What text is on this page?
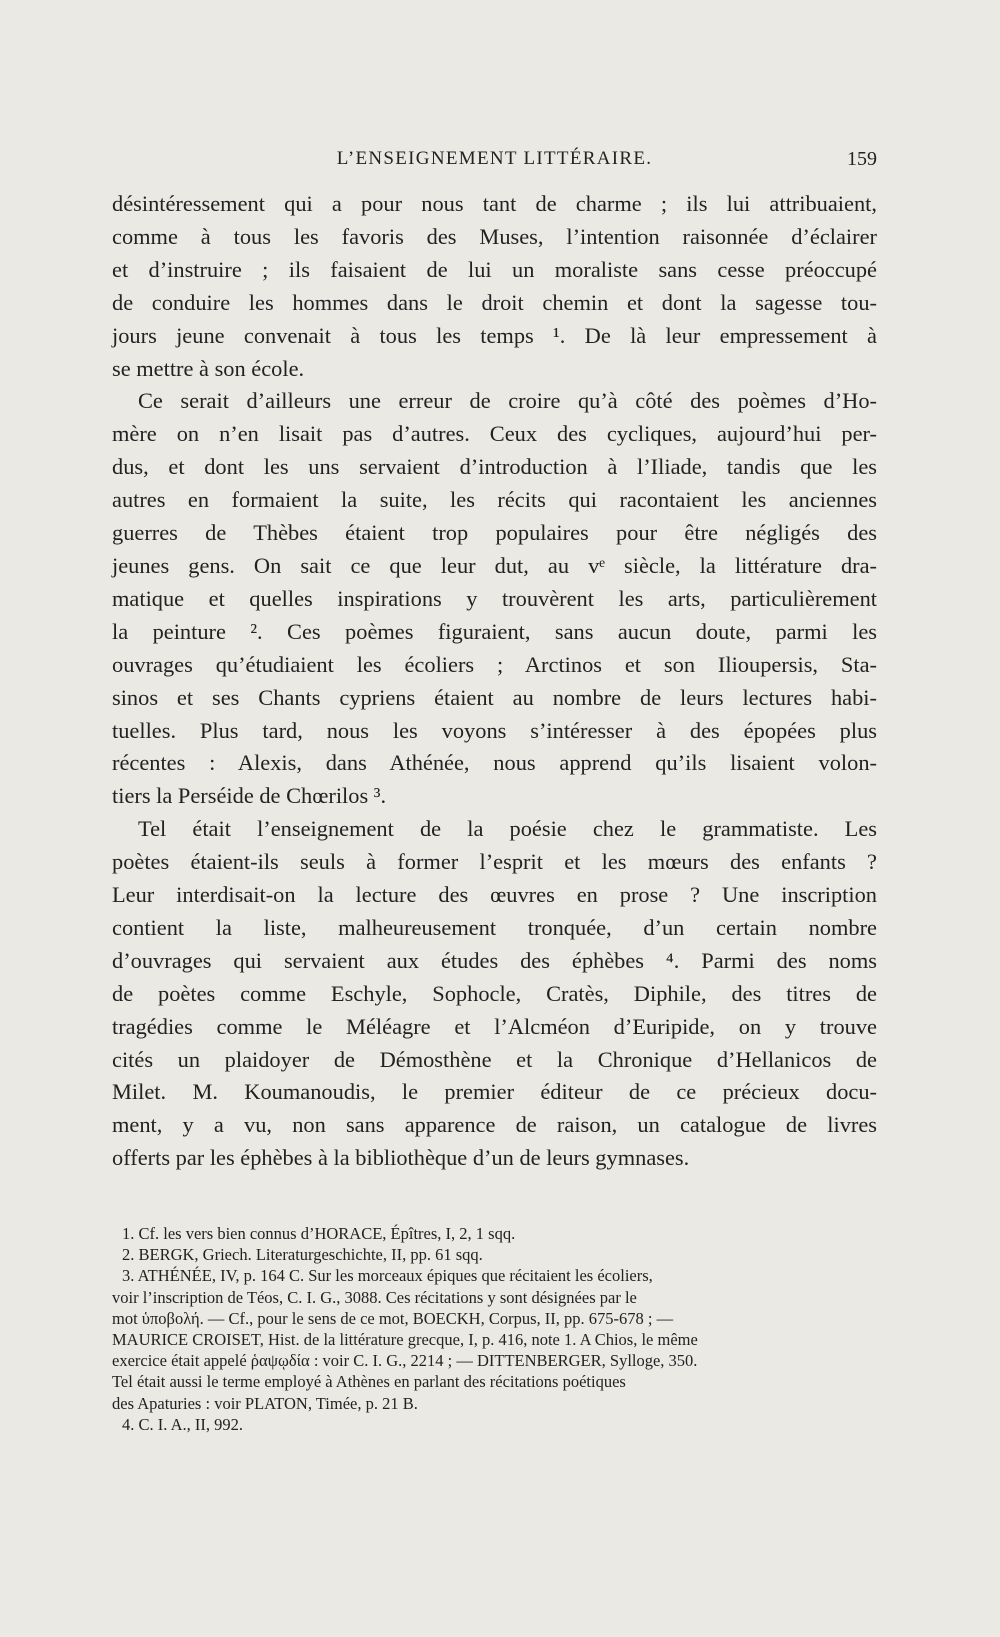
L’ENSEIGNEMENT LITTÉRAIRE.	159

désintéressement qui a pour nous tant de charme ; ils lui attribuaient,

comme à tous les favoris des Muses, l’intention raisonnée d’éclairer

et d’instruire ; ils faisaient de lui un moraliste sans cesse préoccupé

de conduire les hommes dans le droit chemin et dont la sagesse tou-

jours jeune convenait à tous les temps ¹. De là leur empressement à

se mettre à son école.

Ce serait d’ailleurs une erreur de croire qu’à côté des poèmes d’Ho-

mère on n’en lisait pas d’autres. Ceux des cycliques, aujourd’hui per-

dus, et dont les uns servaient d’introduction à l’Iliade, tandis que les

autres en formaient la suite, les récits qui racontaient les anciennes

guerres de Thèbes étaient trop populaires pour être négligés des

jeunes gens. On sait ce que leur dut, au vᵉ siècle, la littérature dra-

matique et quelles inspirations y trouvèrent les arts, particulièrement

la peinture ². Ces poèmes figuraient, sans aucun doute, parmi les

ouvrages qu’étudiaient les écoliers ; Arctinos et son Ilioupersis, Sta-

sinos et ses Chants cypriens étaient au nombre de leurs lectures habi-

tuelles. Plus tard, nous les voyons s’intéresser à des épopées plus

récentes : Alexis, dans Athénée, nous apprend qu’ils lisaient volon-

tiers la Perséide de Chœrilos ³.

Tel était l’enseignement de la poésie chez le grammatiste. Les

poètes étaient-ils seuls à former l’esprit et les mœurs des enfants ?

Leur interdisait-on la lecture des œuvres en prose ? Une inscription

contient la liste, malheureusement tronquée, d’un certain nombre

d’ouvrages qui servaient aux études des éphèbes ⁴. Parmi des noms

de poètes comme Eschyle, Sophocle, Cratès, Diphile, des titres de

tragédies comme le Méléagre et l’Alcméon d’Euripide, on y trouve

cités un plaidoyer de Démosthène et la Chronique d’Hellanicos de

Milet. M. Koumanoudis, le premier éditeur de ce précieux docu-

ment, y a vu, non sans apparence de raison, un catalogue de livres

offerts par les éphèbes à la bibliothèque d’un de leurs gymnases.

1. Cf. les vers bien connus d’HORACE, Épîtres, I, 2, 1 sqq.

2. BERGK, Griech. Literaturgeschichte, II, pp. 61 sqq.

3. ATHÉNÉE, IV, p. 164 C. Sur les morceaux épiques que récitaient les écoliers,

voir l’inscription de Téos, C. I. G., 3088. Ces récitations y sont désignées par le

mot ὑποβολή. — Cf., pour le sens de ce mot, BOECKH, Corpus, II, pp. 675-678 ; —

MAURICE CROISET, Hist. de la littérature grecque, I, p. 416, note 1. A Chios, le même

exercice était appelé ῥαψῳδία : voir C. I. G., 2214 ; — DITTENBERGER, Sylloge, 350.

Tel était aussi le terme employé à Athènes en parlant des récitations poétiques

des Apaturies : voir PLATON, Timée, p. 21 B.

4. C. I. A., II, 992.
